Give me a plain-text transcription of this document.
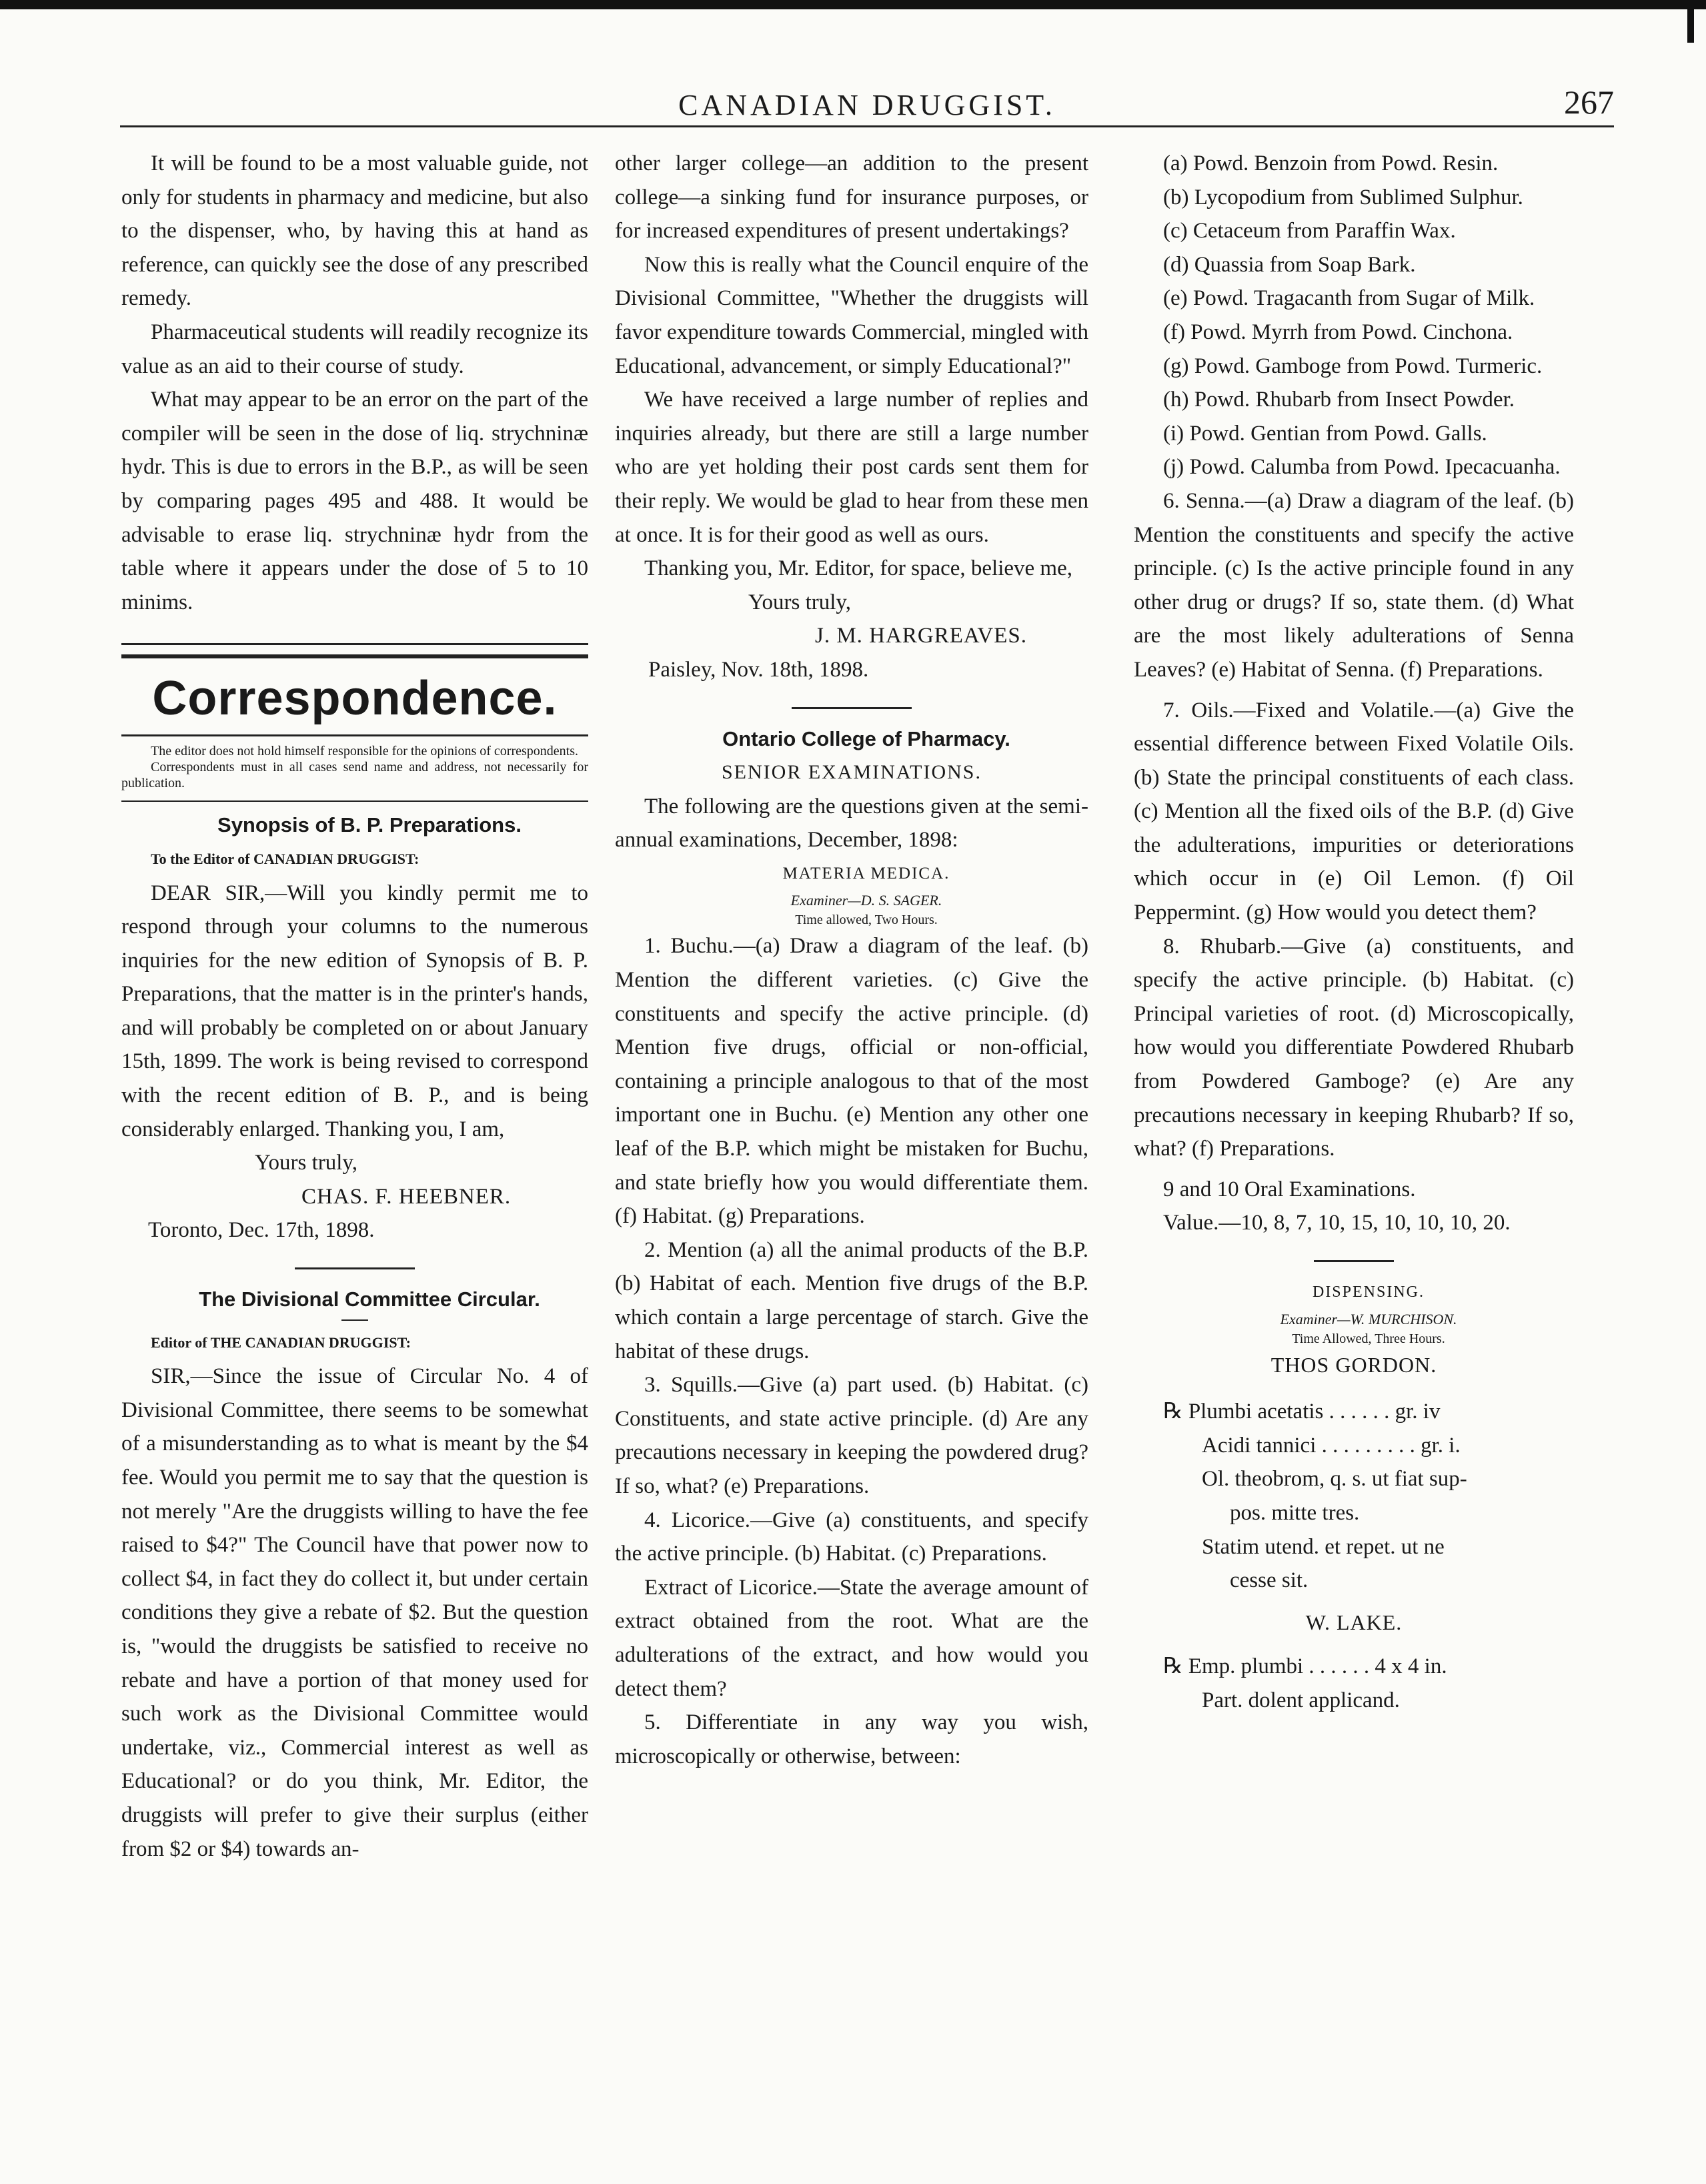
CANADIAN DRUGGIST.	267

It will be found to be a most valuable guide, not only for students in pharmacy and medicine, but also to the dispenser, who, by having this at hand as reference, can quickly see the dose of any prescribed remedy.

Pharmaceutical students will readily recognize its value as an aid to their course of study.

What may appear to be an error on the part of the compiler will be seen in the dose of liq. strychninæ hydr. This is due to errors in the B.P., as will be seen by comparing pages 495 and 488. It would be advisable to erase liq. strychninæ hydr from the table where it appears under the dose of 5 to 10 minims.

Correspondence.

The editor does not hold himself responsible for the opinions of correspondents.

Correspondents must in all cases send name and address, not necessarily for publication.

Synopsis of B. P. Preparations.

To the Editor of CANADIAN DRUGGIST:

DEAR SIR,—Will you kindly permit me to respond through your columns to the numerous inquiries for the new edition of Synopsis of B. P. Preparations, that the matter is in the printer's hands, and will probably be completed on or about January 15th, 1899. The work is being revised to correspond with the recent edition of B. P., and is being considerably enlarged. Thanking you, I am,

Yours truly,

CHAS. F. HEEBNER.

Toronto, Dec. 17th, 1898.

The Divisional Committee Circular.

Editor of THE CANADIAN DRUGGIST:

SIR,—Since the issue of Circular No. 4 of Divisional Committee, there seems to be somewhat of a misunderstanding as to what is meant by the $4 fee. Would you permit me to say that the question is not merely "Are the druggists willing to have the fee raised to $4?" The Council have that power now to collect $4, in fact they do collect it, but under certain conditions they give a rebate of $2. But the question is, "would the druggists be satisfied to receive no rebate and have a portion of that money used for such work as the Divisional Committee would undertake, viz., Commercial interest as well as Educational? or do you think, Mr. Editor, the druggists will prefer to give their surplus (either from $2 or $4) towards an-

other larger college—an addition to the present college—a sinking fund for insurance purposes, or for increased expenditures of present undertakings?

Now this is really what the Council enquire of the Divisional Committee, "Whether the druggists will favor expenditure towards Commercial, mingled with Educational, advancement, or simply Educational?"

We have received a large number of replies and inquiries already, but there are still a large number who are yet holding their post cards sent them for their reply. We would be glad to hear from these men at once. It is for their good as well as ours.

Thanking you, Mr. Editor, for space, believe me,

Yours truly,

J. M. HARGREAVES.

Paisley, Nov. 18th, 1898.

Ontario College of Pharmacy.

SENIOR EXAMINATIONS.

The following are the questions given at the semi-annual examinations, December, 1898:

MATERIA MEDICA.

Examiner—D. S. SAGER.

Time allowed, Two Hours.

1. Buchu.—(a) Draw a diagram of the leaf. (b) Mention the different varieties. (c) Give the constituents and specify the active principle. (d) Mention five drugs, official or non-official, containing a principle analogous to that of the most important one in Buchu. (e) Mention any other one leaf of the B.P. which might be mistaken for Buchu, and state briefly how you would differentiate them. (f) Habitat. (g) Preparations.

2. Mention (a) all the animal products of the B.P. (b) Habitat of each. Mention five drugs of the B.P. which contain a large percentage of starch. Give the habitat of these drugs.

3. Squills.—Give (a) part used. (b) Habitat. (c) Constituents, and state active principle. (d) Are any precautions necessary in keeping the powdered drug? If so, what? (e) Preparations.

4. Licorice.—Give (a) constituents, and specify the active principle. (b) Habitat. (c) Preparations.

Extract of Licorice.—State the average amount of extract obtained from the root. What are the adulterations of the extract, and how would you detect them?

5. Differentiate in any way you wish, microscopically or otherwise, between:

(a) Powd. Benzoin from Powd. Resin.

(b) Lycopodium from Sublimed Sulphur.

(c) Cetaceum from Paraffin Wax.

(d) Quassia from Soap Bark.

(e) Powd. Tragacanth from Sugar of Milk.

(f) Powd. Myrrh from Powd. Cinchona.

(g) Powd. Gamboge from Powd. Turmeric.

(h) Powd. Rhubarb from Insect Powder.

(i) Powd. Gentian from Powd. Galls.

(j) Powd. Calumba from Powd. Ipecacuanha.

6. Senna.—(a) Draw a diagram of the leaf. (b) Mention the constituents and specify the active principle. (c) Is the active principle found in any other drug or drugs? If so, state them. (d) What are the most likely adulterations of Senna Leaves? (e) Habitat of Senna. (f) Preparations.

7. Oils.—Fixed and Volatile.—(a) Give the essential difference between Fixed Volatile Oils. (b) State the principal constituents of each class. (c) Mention all the fixed oils of the B.P. (d) Give the adulterations, impurities or deteriorations which occur in (e) Oil Lemon. (f) Oil Peppermint. (g) How would you detect them?

8. Rhubarb.—Give (a) constituents, and specify the active principle. (b) Habitat. (c) Principal varieties of root. (d) Microscopically, how would you differentiate Powdered Rhubarb from Powdered Gamboge? (e) Are any precautions necessary in keeping Rhubarb? If so, what? (f) Preparations.

9 and 10 Oral Examinations.

Value.—10, 8, 7, 10, 15, 10, 10, 10, 20.

DISPENSING.

Examiner—W. MURCHISON.

Time Allowed, Three Hours.

THOS GORDON.

℞ Plumbi acetatis . . . . . . gr. iv

Acidi tannici . . . . . . . . . gr. i.

Ol. theobrom, q. s. ut fiat sup-

pos. mitte tres.

Statim utend. et repet. ut ne

cesse sit.

W. LAKE.

℞ Emp. plumbi . . . . . . 4 x 4 in.

Part. dolent applicand.
